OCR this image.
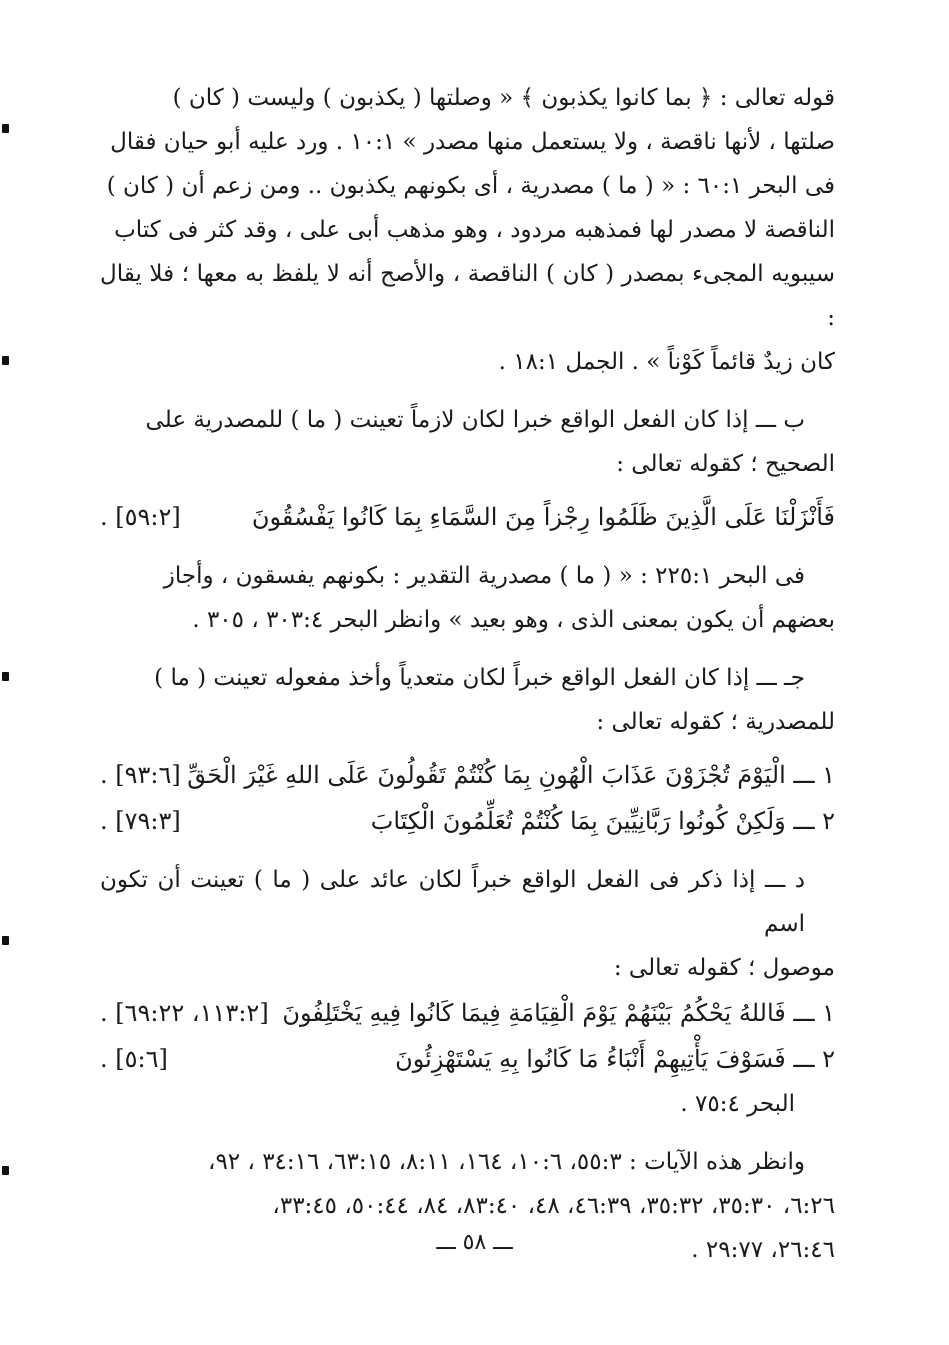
قوله تعالى : ﴿ بما كانوا يكذبون ﴾ « وصلتها ( يكذبون ) وليست ( كان )
صلتها ، لأنها ناقصة ، ولا يستعمل منها مصدر » ١٠:١ . ورد عليه أبو حيان فقال
فى البحر ٦٠:١ : « ( ما ) مصدرية ، أى بكونهم يكذبون .. ومن زعم أن ( كان )
الناقصة لا مصدر لها فمذهبه مردود ، وهو مذهب أبى على ، وقد كثر فى كتاب
سيبويه المجىء بمصدر ( كان ) الناقصة ، والأصح أنه لا يلفظ به معها ؛ فلا يقال :
كان زيدٌ قائماً كَوْناً » . الجمل ١٨:١ .
ب ـــ إذا كان الفعل الواقع خبرا لكان لازماً تعينت ( ما ) للمصدرية على
الصحيح ؛ كقوله تعالى :
فَأَنْزَلْنَا عَلَى الَّذِينَ ظَلَمُوا رِجْزاً مِنَ السَّمَاءِ بِمَا كَانُوا يَفْسُقُونَ
[٥٩:٢] .
فى البحر ٢٢٥:١ : « ( ما ) مصدرية التقدير : بكونهم يفسقون ، وأجاز
بعضهم أن يكون بمعنى الذى ، وهو بعيد » وانظر البحر ٣٠٣:٤ ، ٣٠٥ .
جـ ـــ إذا كان الفعل الواقع خبراً لكان متعدياً وأخذ مفعوله تعينت ( ما )
للمصدرية ؛ كقوله تعالى :
١ ـــ الْيَوْمَ تُجْزَوْنَ عَذَابَ الْهُونِ بِمَا كُنْتُمْ تَقُولُونَ عَلَى اللهِ غَيْرَ الْحَقِّ
[٩٣:٦] .
٢ ـــ وَلَكِنْ كُونُوا رَبَّانِيِّينَ بِمَا كُنْتُمْ تُعَلِّمُونَ الْكِتَابَ
[٧٩:٣] .
د ـــ إذا ذكر فى الفعل الواقع خبراً لكان عائد على ( ما ) تعينت أن تكون اسم
موصول ؛ كقوله تعالى :
١ ـــ فَاللهُ يَحْكُمُ بَيْنَهُمْ يَوْمَ الْقِيَامَةِ فِيمَا كَانُوا فِيهِ يَخْتَلِفُونَ
[١١٣:٢، ٦٩:٢٢] .
٢ ـــ فَسَوْفَ يَأْتِيهِمْ أَنْبَاءُ مَا كَانُوا بِهِ يَسْتَهْزِئُونَ
[٥:٦] .
البحر ٧٥:٤ .
وانظر هذه الآيات : ٥٥:٣، ١٠:٦، ١٦٤، ٨:١١، ٦٣:١٥، ٣٤:١٦ ، ٩٢،
٦:٢٦، ٣٥:٣٠، ٣٥:٣٢، ٤٦:٣٩، ٤٨، ٨٣:٤٠، ٨٤، ٥٠:٤٤، ٣٣:٤٥،
٢٦:٤٦، ٢٩:٧٧ .
ـــ ٥٨ ـــ
